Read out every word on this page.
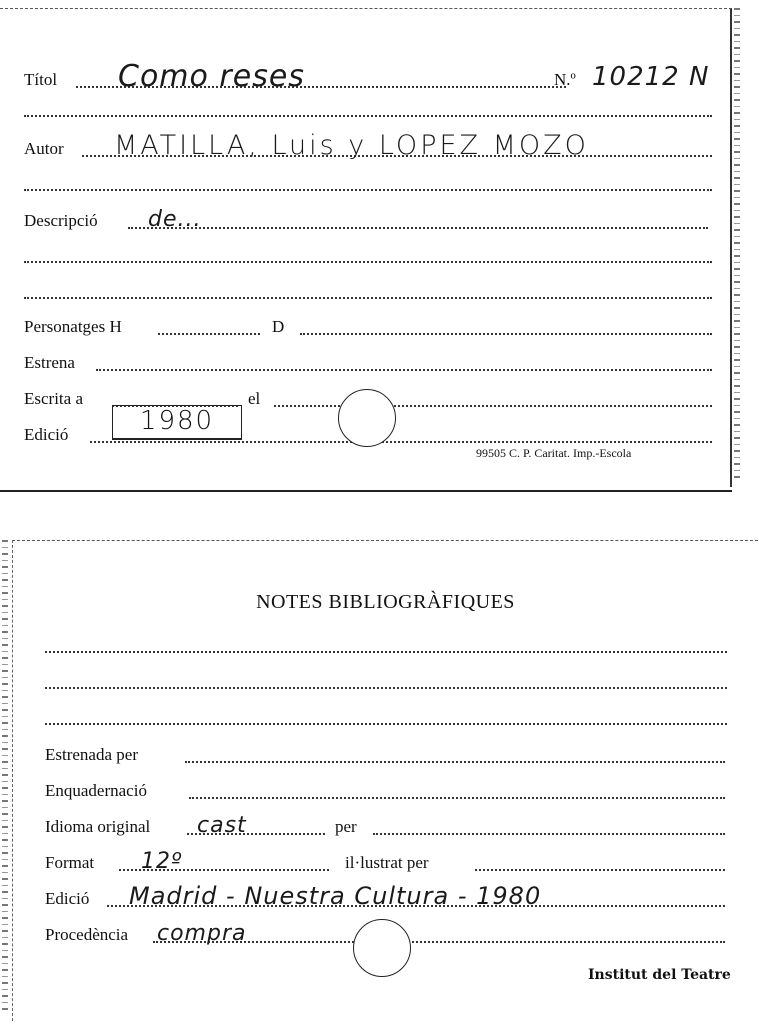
Títol Como reses	N.º 10212 N
Autor MATILLA, Luis y LOPEZ MOZO
Descripció de...
Personatges H	D
Estrena
Escrita a	el
Edició	1980
99505 C. P. Caritat. Imp.-Escola
NOTES BIBLIOGRÀFIQUES
Estrenada per
Enquadernació
Idioma original cast	per
Format 12º	il·lustrat per
Edició Madrid - Nuestra Cultura - 1980
Procedència compra
Institut del Teatre
